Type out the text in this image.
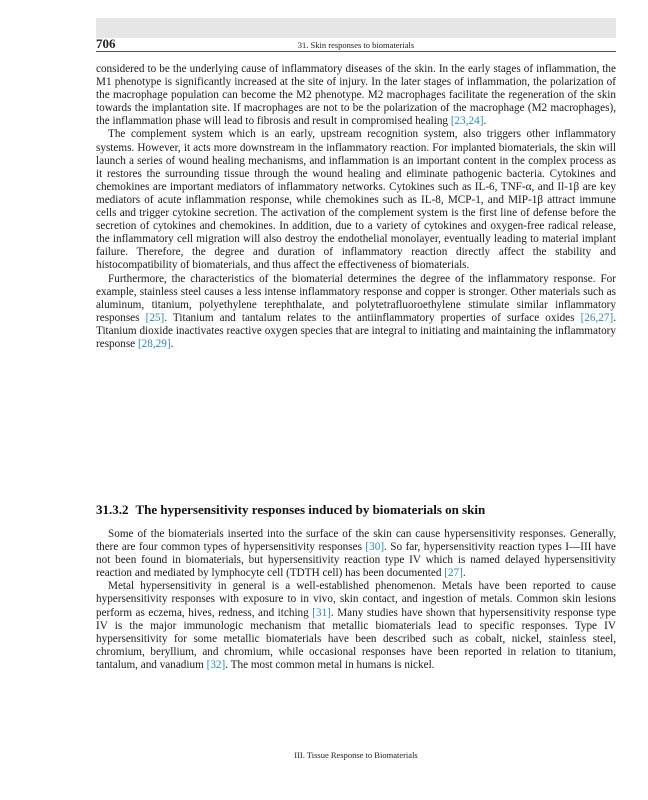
706	31. Skin responses to biomaterials

considered to be the underlying cause of inflammatory diseases of the skin. In the early stages of inflammation, the M1 phenotype is significantly increased at the site of injury. In the later stages of inflammation, the polarization of the macrophage population can become the M2 phenotype. M2 macrophages facilitate the regeneration of the skin towards the implantation site. If macrophages are not to be the polarization of the macrophage (M2 macrophages), the inflammation phase will lead to fibrosis and result in compromised healing [23,24].

The complement system which is an early, upstream recognition system, also triggers other inflammatory systems. However, it acts more downstream in the inflammatory reaction. For implanted biomaterials, the skin will launch a series of wound healing mechanisms, and inflammation is an important content in the complex process as it restores the surrounding tissue through the wound healing and eliminate pathogenic bacteria. Cytokines and chemokines are important mediators of inflammatory networks. Cytokines such as IL-6, TNF-α, and Il-1β are key mediators of acute inflammation response, while chemokines such as IL-8, MCP-1, and MIP-1β attract immune cells and trigger cytokine secretion. The activation of the complement system is the first line of defense before the secretion of cytokines and chemokines. In addition, due to a variety of cytokines and oxygen-free radical release, the inflammatory cell migration will also destroy the endothelial monolayer, eventually leading to material implant failure. Therefore, the degree and duration of inflammatory reaction directly affect the stability and histocompatibility of biomaterials, and thus affect the effectiveness of biomaterials.

Furthermore, the characteristics of the biomaterial determines the degree of the inflammatory response. For example, stainless steel causes a less intense inflammatory response and copper is stronger. Other materials such as aluminum, titanium, polyethylene terephthalate, and polytetrafluoroethylene stimulate similar inflammatory responses [25]. Titanium and tantalum relates to the antiinflammatory properties of surface oxides [26,27]. Titanium dioxide inactivates reactive oxygen species that are integral to initiating and maintaining the inflammatory response [28,29].

31.3.2 The hypersensitivity responses induced by biomaterials on skin

Some of the biomaterials inserted into the surface of the skin can cause hypersensitivity responses. Generally, there are four common types of hypersensitivity responses [30]. So far, hypersensitivity reaction types I—III have not been found in biomaterials, but hypersensitivity reaction type IV which is named delayed hypersensitivity reaction and mediated by lymphocyte cell (TDTH cell) has been documented [27].

Metal hypersensitivity in general is a well-established phenomenon. Metals have been reported to cause hypersensitivity responses with exposure to in vivo, skin contact, and ingestion of metals. Common skin lesions perform as eczema, hives, redness, and itching [31]. Many studies have shown that hypersensitivity response type IV is the major immunologic mechanism that metallic biomaterials lead to specific responses. Type IV hypersensitivity for some metallic biomaterials have been described such as cobalt, nickel, stainless steel, chromium, beryllium, and chromium, while occasional responses have been reported in relation to titanium, tantalum, and vanadium [32]. The most common metal in humans is nickel.

III. Tissue Response to Biomaterials
